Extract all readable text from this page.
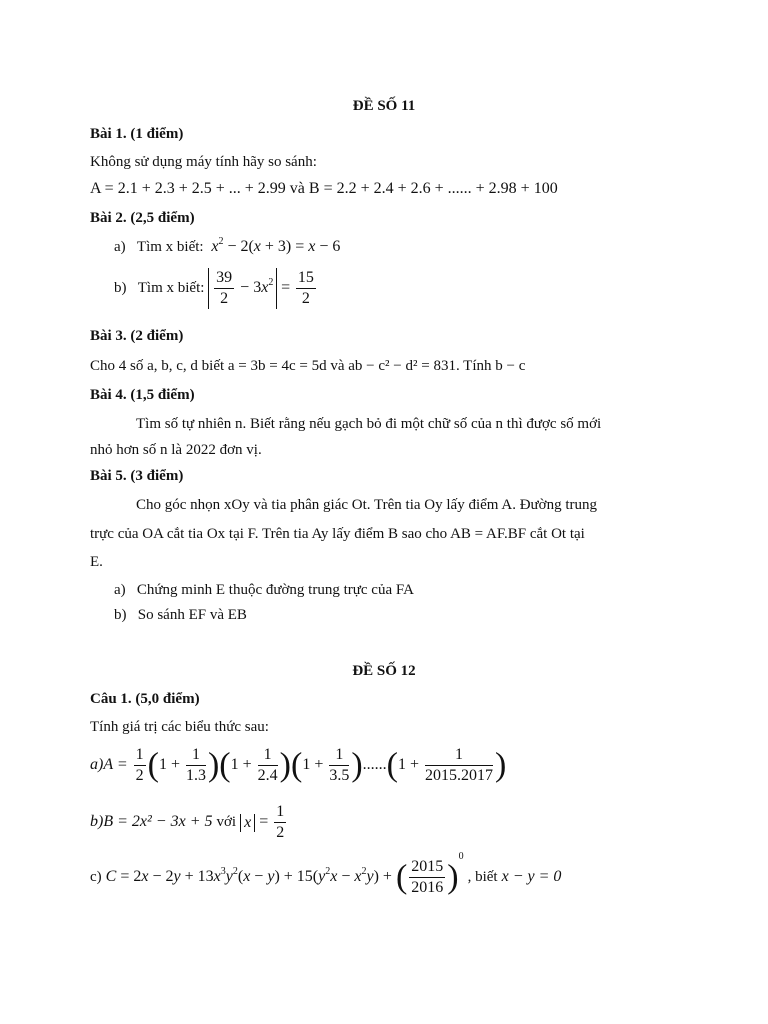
ĐỀ SỐ 11
Bài 1. (1 điểm)
Không sử dụng máy tính hãy so sánh:
A = 2.1 + 2.3 + 2.5 + ... + 2.99 và B = 2.2 + 2.4 + 2.6 + ...... + 2.98 + 100
Bài 2. (2,5 điểm)
a) Tìm x biết: $x^2 - 2(x + 3) = x - 6$
b) Tìm x biết: $\frac{39}{2} - 3x^2 = \frac{15}{2}$
Bài 3. (2 điểm)
Cho 4 số a, b, c, d biết a = 3b = 4c = 5d và ab − c² − d² = 831. Tính b − c
Bài 4. (1,5 điểm)
Tìm số tự nhiên n. Biết rằng nếu gạch bỏ đi một chữ số của n thì được số mới
nhỏ hơn số n là 2022 đơn vị.
Bài 5. (3 điểm)
Cho góc nhọn xOy và tia phân giác Ot. Trên tia Oy lấy điểm A. Đường trung
trực của OA cắt tia Ox tại F. Trên tia Ay lấy điểm B sao cho AB = AF.BF cắt Ot tại
E.
a) Chứng minh E thuộc đường trung trực của FA
b) So sánh EF và EB
ĐỀ SỐ 12
Câu 1. (5,0 điểm)
Tính giá trị các biểu thức sau:
$a)A = \frac{1}{2} (1 + \frac{1}{1.3} )(1 + \frac{1}{2.4} )(1 + \frac{1}{3.5} )......(1 + \frac{1}{2015.2017}$ )
b)B = 2x² − 3x + 5 với $x = \frac{1}{2}$
c) $C = 2x - 2y + 13x^3y^2(x - y) + 15(y^2x - x^2y)$ + ( $\frac{2015}{2016} )^0$ , biết x − y = 0
